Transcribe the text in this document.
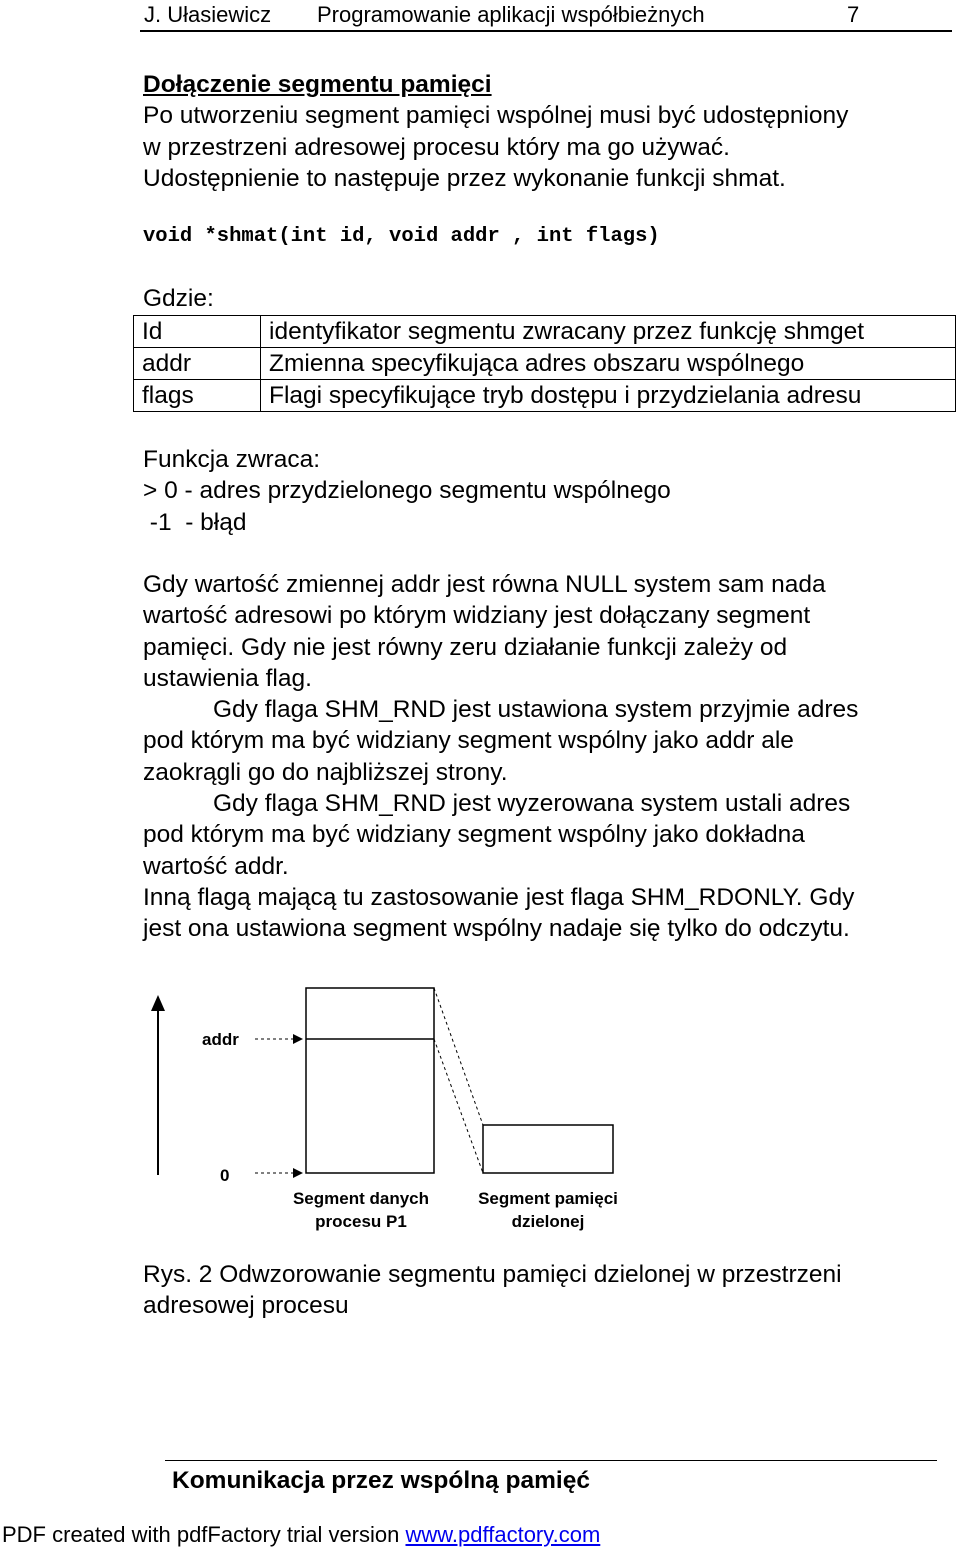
J. Ułasiewicz Programowanie aplikacji współbieżnych	7
Dołączenie segmentu pamięci
Po utworzeniu segment pamięci wspólnej musi być udostępniony
w przestrzeni adresowej procesu który ma go używać.
Udostępnienie to następuje przez wykonanie funkcji shmat.
void *shmat(int id, void addr , int flags)
Gdzie:
Id	identyfikator segmentu zwracany przez funkcję shmget
addr	Zmienna specyfikująca adres obszaru wspólnego
flags	Flagi specyfikujące tryb dostępu i przydzielania adresu
Funkcja zwraca:
> 0 - adres przydzielonego segmentu wspólnego
-1  - błąd
Gdy wartość zmiennej addr jest równa NULL system sam nada
wartość adresowi po którym widziany jest dołączany segment
pamięci. Gdy nie jest równy zeru działanie funkcji zależy od
ustawienia flag.
Gdy flaga SHM_RND jest ustawiona system przyjmie adres
pod którym ma być widziany segment wspólny jako addr ale
zaokrągli go do najbliższej strony.
Gdy flaga SHM_RND jest wyzerowana system ustali adres
pod którym ma być widziany segment wspólny jako dokładna
wartość addr.
Inną flagą mającą tu zastosowanie jest flaga SHM_RDONLY. Gdy
jest ona ustawiona segment wspólny nadaje się tylko do odczytu.
addr
0
Segment danych
procesu P1
Segment pamięci
dzielonej
Rys. 2 Odwzorowanie segmentu pamięci dzielonej w przestrzeni
adresowej procesu
Komunikacja przez wspólną pamięć
PDF created with pdfFactory trial version www.pdffactory.com
